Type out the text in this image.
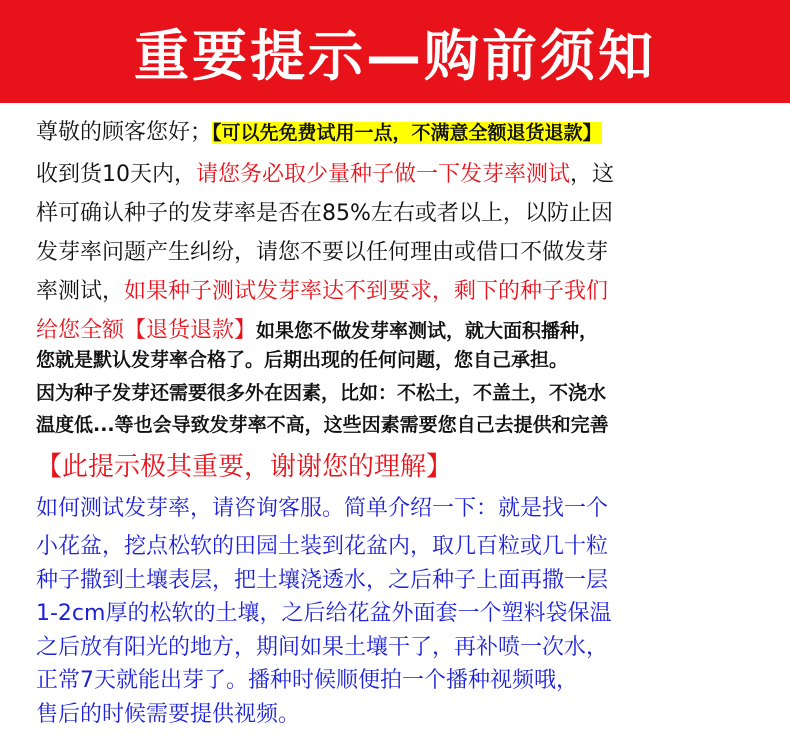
重要提示—购前须知
尊敬的顾客您好；【可以先免费试用一点，不满意全额退货退款】
收到货10天内，请您务必取少量种子做一下发芽率测试，这
样可确认种子的发芽率是否在85%左右或者以上，以防止因
发芽率问题产生纠纷，请您不要以任何理由或借口不做发芽
率测试，如果种子测试发芽率达不到要求，剩下的种子我们
给您全额【退货退款】如果您不做发芽率测试，就大面积播种，
您就是默认发芽率合格了。后期出现的任何问题，您自己承担。
因为种子发芽还需要很多外在因素，比如：不松土，不盖土，不浇水
温度低...等也会导致发芽率不高，这些因素需要您自己去提供和完善
【此提示极其重要，谢谢您的理解】
如何测试发芽率，请咨询客服。简单介绍一下：就是找一个
小花盆，挖点松软的田园土装到花盆内，取几百粒或几十粒
种子撒到土壤表层，把土壤浇透水，之后种子上面再撒一层
1-2cm厚的松软的土壤，之后给花盆外面套一个塑料袋保温
之后放有阳光的地方，期间如果土壤干了，再补喷一次水，
正常7天就能出芽了。播种时候顺便拍一个播种视频哦，
售后的时候需要提供视频。
